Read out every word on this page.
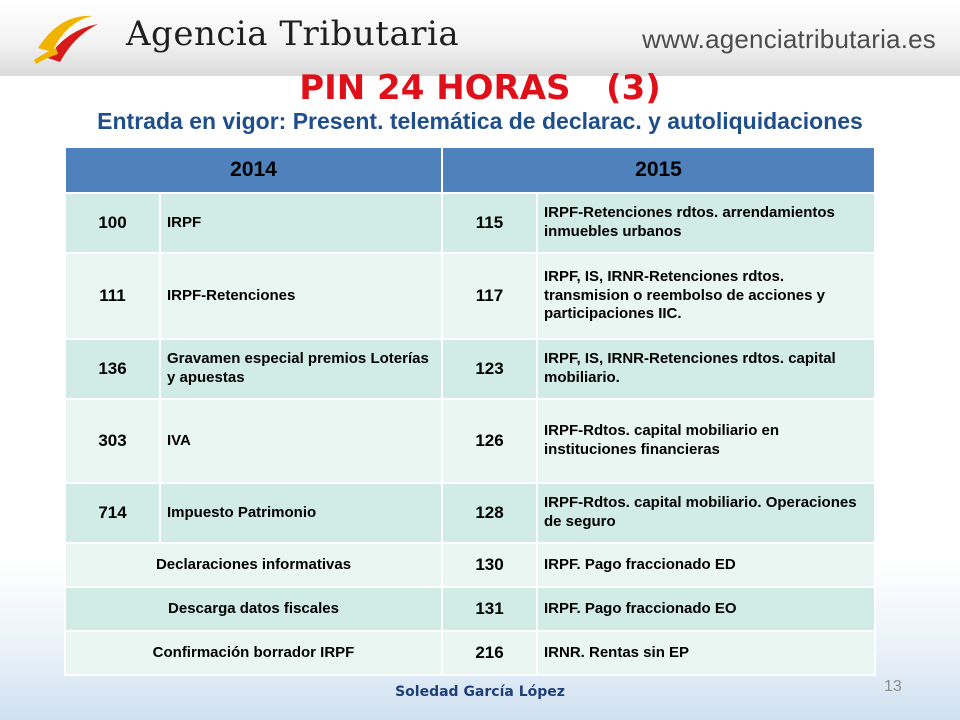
Agencia Tributaria	www.agenciatributaria.es
PIN 24 HORAS   (3)
Entrada en vigor: Present. telemática de declarac. y autoliquidaciones
2014		2015	
100	IRPF	115	IRPF-Retenciones rdtos. arrendamientos inmuebles urbanos
111	IRPF-Retenciones	117	IRPF, IS, IRNR-Retenciones rdtos. transmision o reembolso de acciones y participaciones IIC.
136	Gravamen especial premios Loterías y apuestas	123	IRPF, IS, IRNR-Retenciones rdtos. capital mobiliario.
303	IVA	126	IRPF-Rdtos. capital mobiliario en instituciones financieras
714	Impuesto Patrimonio	128	IRPF-Rdtos. capital mobiliario. Operaciones de seguro
Declaraciones informativas		130	IRPF. Pago fraccionado ED
Descarga datos fiscales		131	IRPF. Pago fraccionado EO
Confirmación borrador IRPF		216	IRNR. Rentas sin EP
Soledad García López	13
